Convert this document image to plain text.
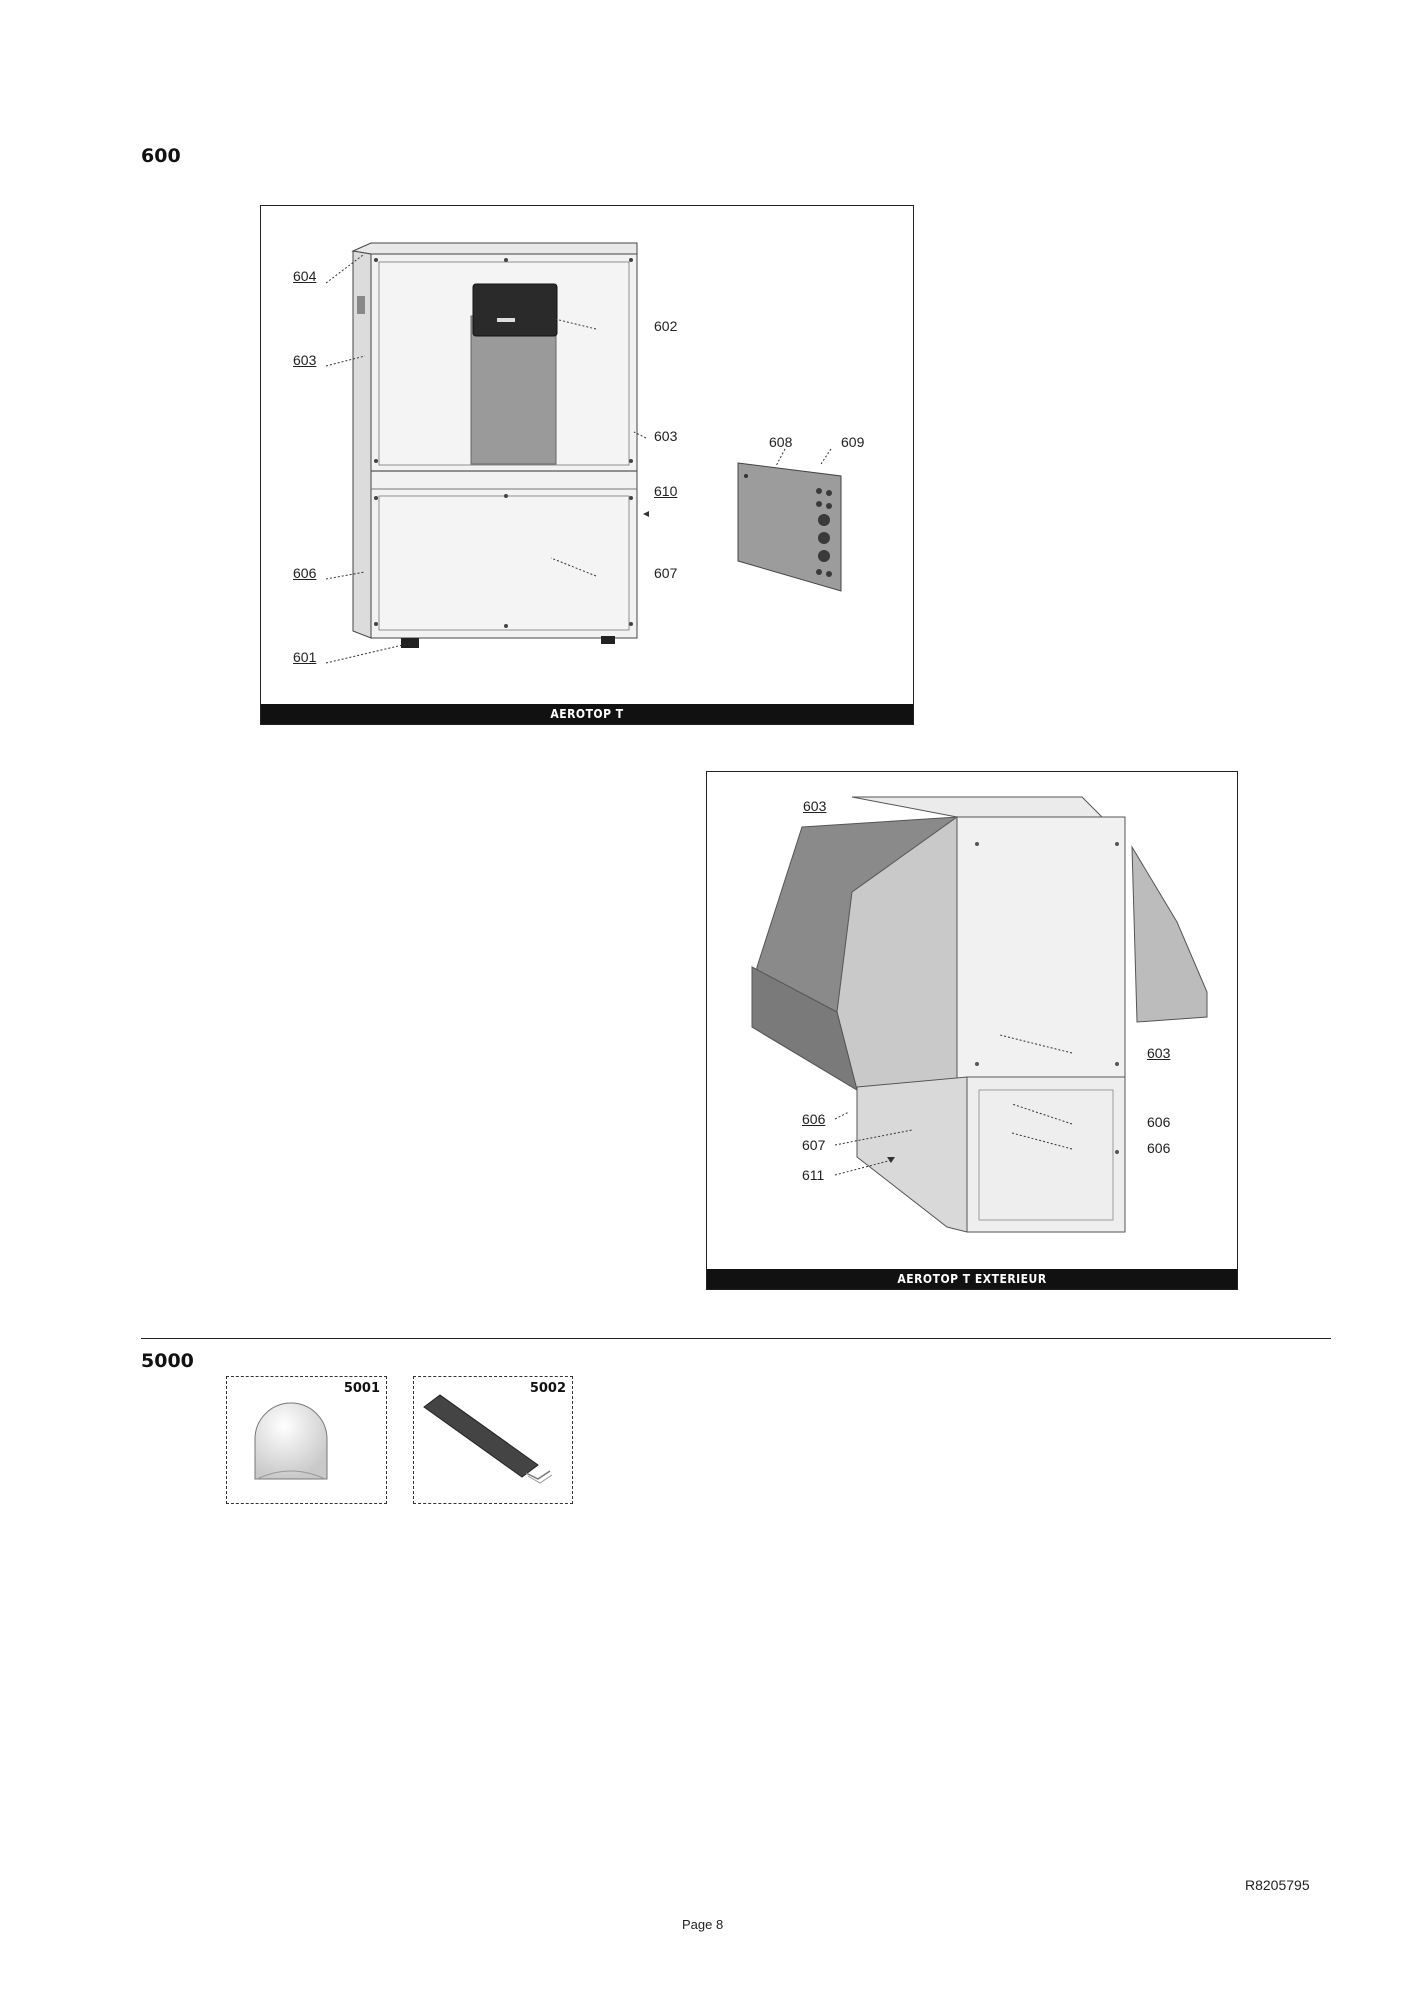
600
604
603
602
603	608	609
610
606	607
601
AEROTOP T
603
603
606	606
606
607
611
AEROTOP T EXTERIEUR
5000
5001	5002
R8205795
Page 8
